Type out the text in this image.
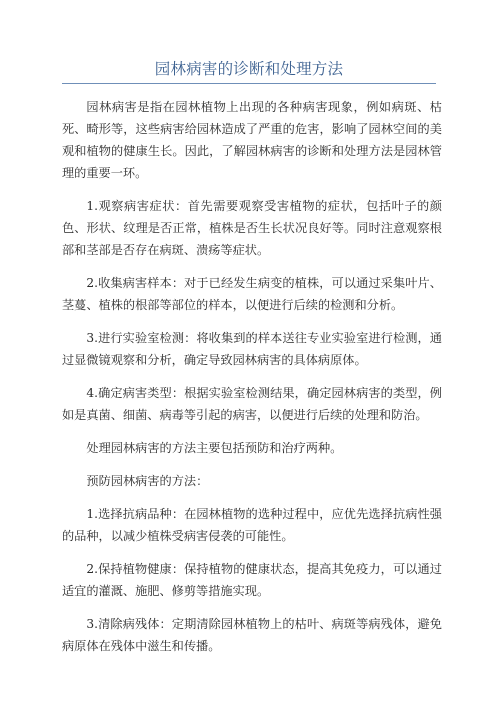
园林病害的诊断和处理方法

园林病害是指在园林植物上出现的各种病害现象，例如病斑、枯死、畸形等，这些病害给园林造成了严重的危害，影响了园林空间的美观和植物的健康生长。因此，了解园林病害的诊断和处理方法是园林管理的重要一环。

1.观察病害症状：首先需要观察受害植物的症状，包括叶子的颜色、形状、纹理是否正常，植株是否生长状况良好等。同时注意观察根部和茎部是否存在病斑、溃疡等症状。

2.收集病害样本：对于已经发生病变的植株，可以通过采集叶片、茎蔓、植株的根部等部位的样本，以便进行后续的检测和分析。

3.进行实验室检测：将收集到的样本送往专业实验室进行检测，通过显微镜观察和分析，确定导致园林病害的具体病原体。

4.确定病害类型：根据实验室检测结果，确定园林病害的类型，例如是真菌、细菌、病毒等引起的病害，以便进行后续的处理和防治。

处理园林病害的方法主要包括预防和治疗两种。

预防园林病害的方法：

1.选择抗病品种：在园林植物的选种过程中，应优先选择抗病性强的品种，以减少植株受病害侵袭的可能性。

2.保持植物健康：保持植物的健康状态，提高其免疫力，可以通过适宜的灌溉、施肥、修剪等措施实现。

3.清除病残体：定期清除园林植物上的枯叶、病斑等病残体，避免病原体在残体中滋生和传播。
